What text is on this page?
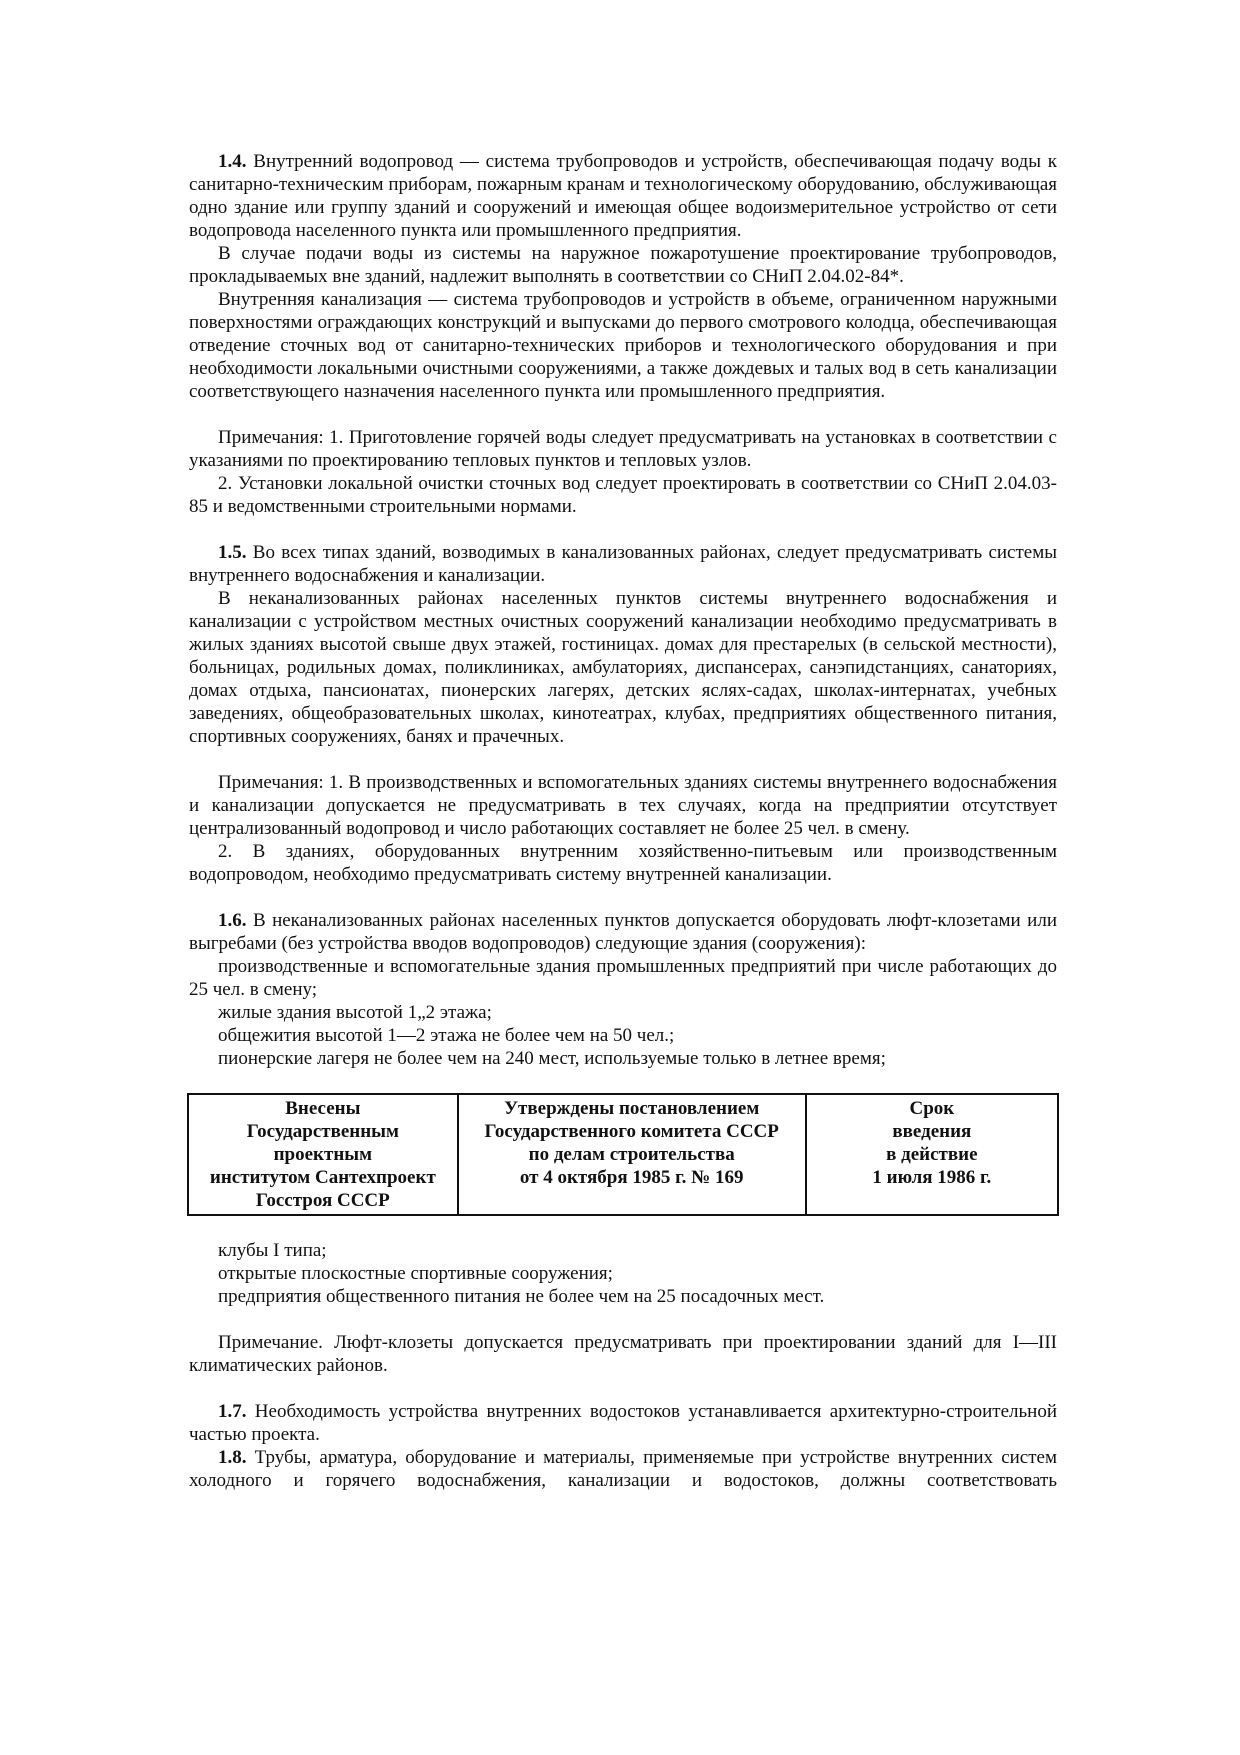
1.4. Внутренний водопровод — система трубопроводов и устройств, обеспечивающая подачу воды к санитарно-техническим приборам, пожарным кранам и технологическому оборудованию, обслуживающая одно здание или группу зданий и сооружений и имеющая общее водоизмерительное устройство от сети водопровода населенного пункта или промышленного предприятия.

В случае подачи воды из системы на наружное пожаротушение проектирование трубопроводов, прокладываемых вне зданий, надлежит выполнять в соответствии со СНиП 2.04.02-84*.

Внутренняя канализация — система трубопроводов и устройств в объеме, ограниченном наружными поверхностями ограждающих конструкций и выпусками до первого смотрового колодца, обеспечивающая отведение сточных вод от санитарно-технических приборов и технологического оборудования и при необходимости локальными очистными сооружениями, а также дождевых и талых вод в сеть канализации соответствующего назначения населенного пункта или промышленного предприятия.

Примечания: 1. Приготовление горячей воды следует предусматривать на установках в соответствии с указаниями по проектированию тепловых пунктов и тепловых узлов.

2. Установки локальной очистки сточных вод следует проектировать в соответствии со СНиП 2.04.03-85 и ведомственными строительными нормами.

1.5. Во всех типах зданий, возводимых в канализованных районах, следует предусматривать системы внутреннего водоснабжения и канализации.

В неканализованных районах населенных пунктов системы внутреннего водоснабжения и канализации с устройством местных очистных сооружений канализации необходимо предусматривать в жилых зданиях высотой свыше двух этажей, гостиницах. домах для престарелых (в сельской местности), больницах, родильных домах, поликлиниках, амбулаториях, диспансерах, санэпидстанциях, санаториях, домах отдыха, пансионатах, пионерских лагерях, детских яслях-садах, школах-интернатах, учебных заведениях, общеобразовательных школах, кинотеатрах, клубах, предприятиях общественного питания, спортивных сооружениях, банях и прачечных.

Примечания: 1. В производственных и вспомогательных зданиях системы внутреннего водоснабжения и канализации допускается не предусматривать в тех случаях, когда на предприятии отсутствует централизованный водопровод и число работающих составляет не более 25 чел. в смену.

2. В зданиях, оборудованных внутренним хозяйственно-питьевым или производственным водопроводом, необходимо предусматривать систему внутренней канализации.

1.6. В неканализованных районах населенных пунктов допускается оборудовать люфт-клозетами или выгребами (без устройства вводов водопроводов) следующие здания (сооружения):

производственные и вспомогательные здания промышленных предприятий при числе работающих до 25 чел. в смену;

жилые здания высотой 1„2 этажа;

общежития высотой 1—2 этажа не более чем на 50 чел.;

пионерские лагеря не более чем на 240 мест, используемые только в летнее время;

Внесены
Государственным проектным
институтом Сантехпроект
Госстроя СССР

Утверждены постановлением
Государственного комитета СССР
по делам строительства
от 4 октября 1985 г. № 169

Срок
введения
в действие
1 июля 1986 г.

клубы I типа;

открытые плоскостные спортивные сооружения;

предприятия общественного питания не более чем на 25 посадочных мест.

Примечание. Люфт-клозеты допускается предусматривать при проектировании зданий для I—III климатических районов.

1.7. Необходимость устройства внутренних водостоков устанавливается архитектурно-строительной частью проекта.

1.8. Трубы, арматура, оборудование и материалы, применяемые при устройстве внутренних систем холодного и горячего водоснабжения, канализации и водостоков, должны соответствовать
